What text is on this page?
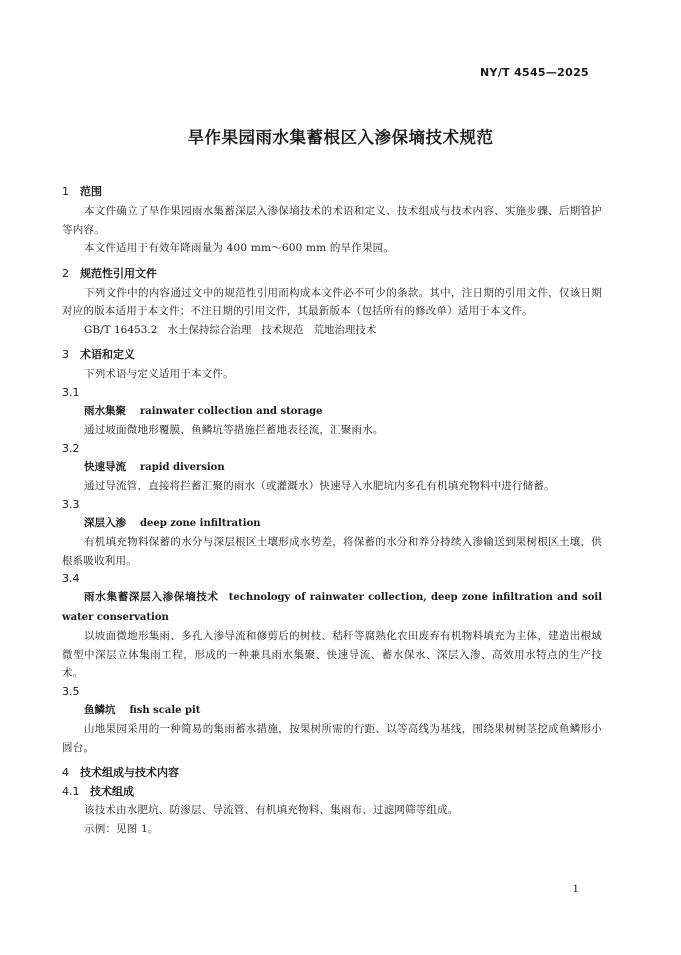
NY/T 4545—2025
旱作果园雨水集蓄根区入渗保墒技术规范
1 范围

本文件确立了旱作果园雨水集蓄深层入渗保墒技术的术语和定义、技术组成与技术内容、实施步骤、后期管护等内容。

本文件适用于有效年降雨量为 400 mm～600 mm 的旱作果园。

2 规范性引用文件

下列文件中的内容通过文中的规范性引用而构成本文件必不可少的条款。其中，注日期的引用文件，仅该日期对应的版本适用于本文件；不注日期的引用文件，其最新版本（包括所有的修改单）适用于本文件。

GB/T 16453.2 水土保持综合治理 技术规范 荒地治理技术

3 术语和定义

下列术语与定义适用于本文件。

3.1

雨水集聚 rainwater collection and storage

通过坡面微地形覆膜、鱼鳞坑等措施拦蓄地表径流，汇聚雨水。

3.2

快速导流 rapid diversion

通过导流管，直接将拦蓄汇聚的雨水（或灌溉水）快速导入水肥坑内多孔有机填充物料中进行储蓄。

3.3

深层入渗 deep zone infiltration

有机填充物料保蓄的水分与深层根区土壤形成水势差，将保蓄的水分和养分持续入渗输送到果树根区土壤，供根系吸收利用。

3.4

雨水集蓄深层入渗保墒技术 technology of rainwater collection, deep zone infiltration and soil water conservation

以坡面微地形集雨、多孔入渗导流和修剪后的树枝、秸秆等腐熟化农田废弃有机物料填充为主体，建造出根域微型中深层立体集雨工程，形成的一种兼具雨水集聚、快速导流、蓄水保水、深层入渗、高效用水特点的生产技术。

3.5

鱼鳞坑 fish scale pit

山地果园采用的一种简易的集雨蓄水措施，按果树所需的行距、以等高线为基线，围绕果树树茎挖成鱼鳞形小圆台。

4 技术组成与技术内容
4.1 技术组成

该技术由水肥坑、防渗层、导流管、有机填充物料、集雨布、过滤网筛等组成。

示例：见图 1。

1
